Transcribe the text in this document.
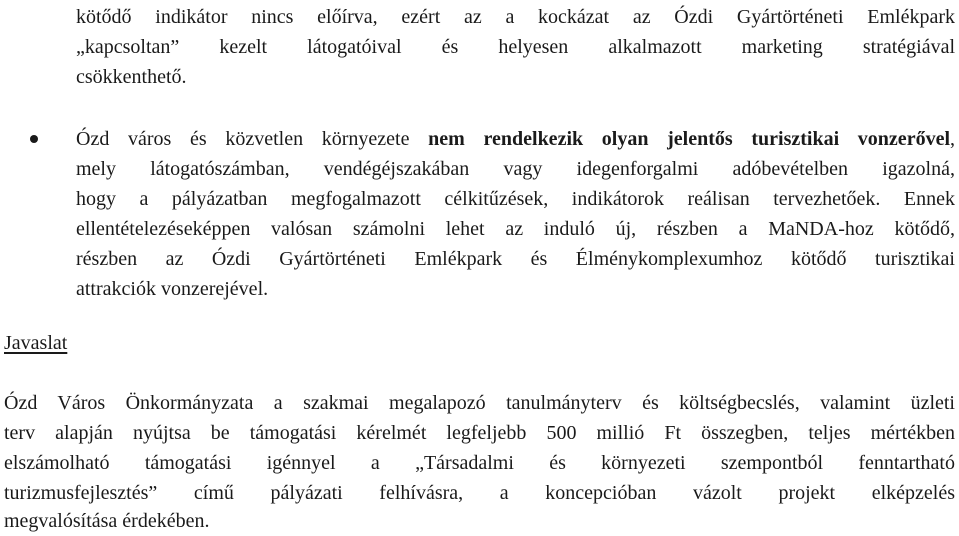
kötődő indikátor nincs előírva, ezért az a kockázat az Ózdi Gyártörténeti Emlékpark
„kapcsoltan” kezelt látogatóival és helyesen alkalmazott marketing stratégiával
csökkenthető.
Ózd város és közvetlen környezete nem rendelkezik olyan jelentős turisztikai vonzerővel,
mely látogatószámban, vendégéjszakában vagy idegenforgalmi adóbevételben igazolná,
hogy a pályázatban megfogalmazott célkitűzések, indikátorok reálisan tervezhetőek. Ennek
ellentételezéseképpen valósan számolni lehet az induló új, részben a MaNDA-hoz kötődő,
részben az Ózdi Gyártörténeti Emlékpark és Élménykomplexumhoz kötődő turisztikai
attrakciók vonzerejével.
Javaslat
Ózd Város Önkormányzata a szakmai megalapozó tanulmányterv és költségbecslés, valamint üzleti
terv alapján nyújtsa be támogatási kérelmét legfeljebb 500 millió Ft összegben, teljes mértékben
elszámolható támogatási igénnyel a „Társadalmi és környezeti szempontból fenntartható
turizmusfejlesztés” című pályázati felhívásra, a koncepcióban vázolt projekt elképzelés
megvalósítása érdekében.
